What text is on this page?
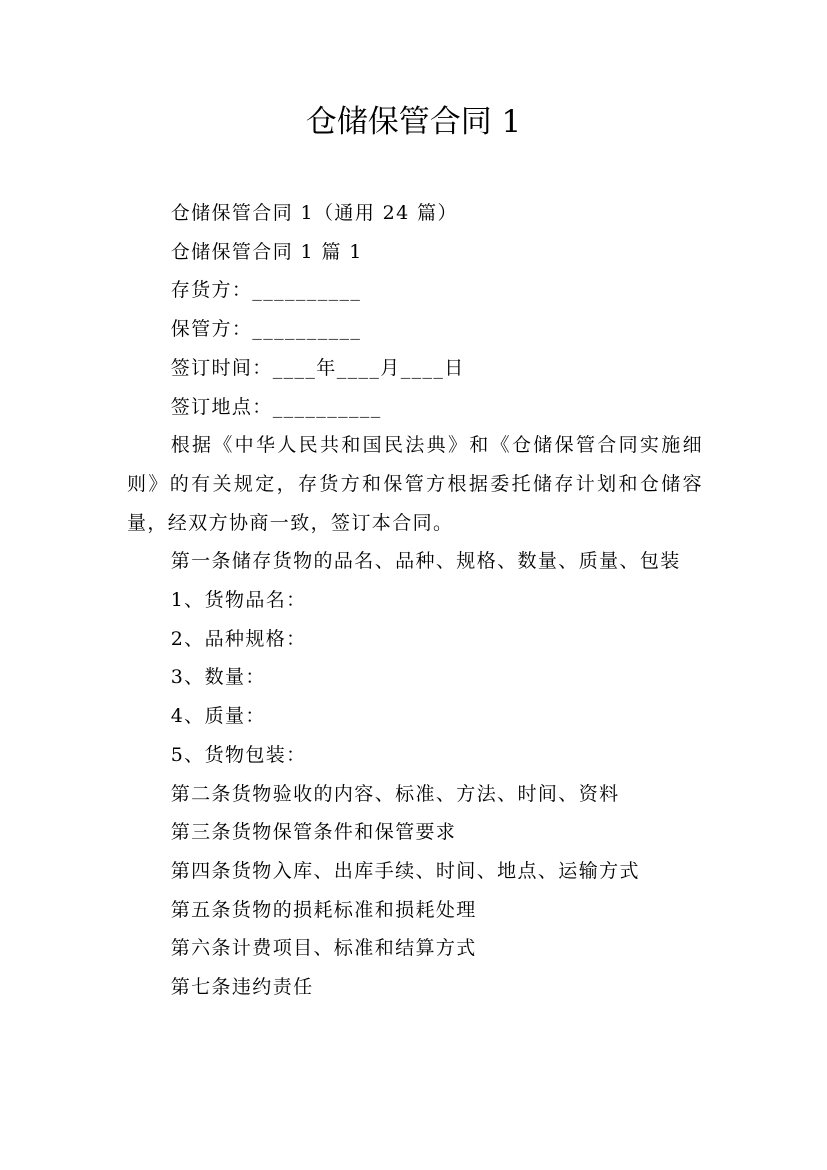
仓储保管合同 1

仓储保管合同 1（通用 24 篇）

仓储保管合同 1 篇 1

存货方：__________

保管方：__________

签订时间：____年____月____日

签订地点：__________

根据《中华人民共和国民法典》和《仓储保管合同实施细则》的有关规定，存货方和保管方根据委托储存计划和仓储容量，经双方协商一致，签订本合同。

第一条储存货物的品名、品种、规格、数量、质量、包装

1、货物品名：

2、品种规格：

3、数量：

4、质量：

5、货物包装：

第二条货物验收的内容、标准、方法、时间、资料

第三条货物保管条件和保管要求

第四条货物入库、出库手续、时间、地点、运输方式

第五条货物的损耗标准和损耗处理

第六条计费项目、标准和结算方式

第七条违约责任
